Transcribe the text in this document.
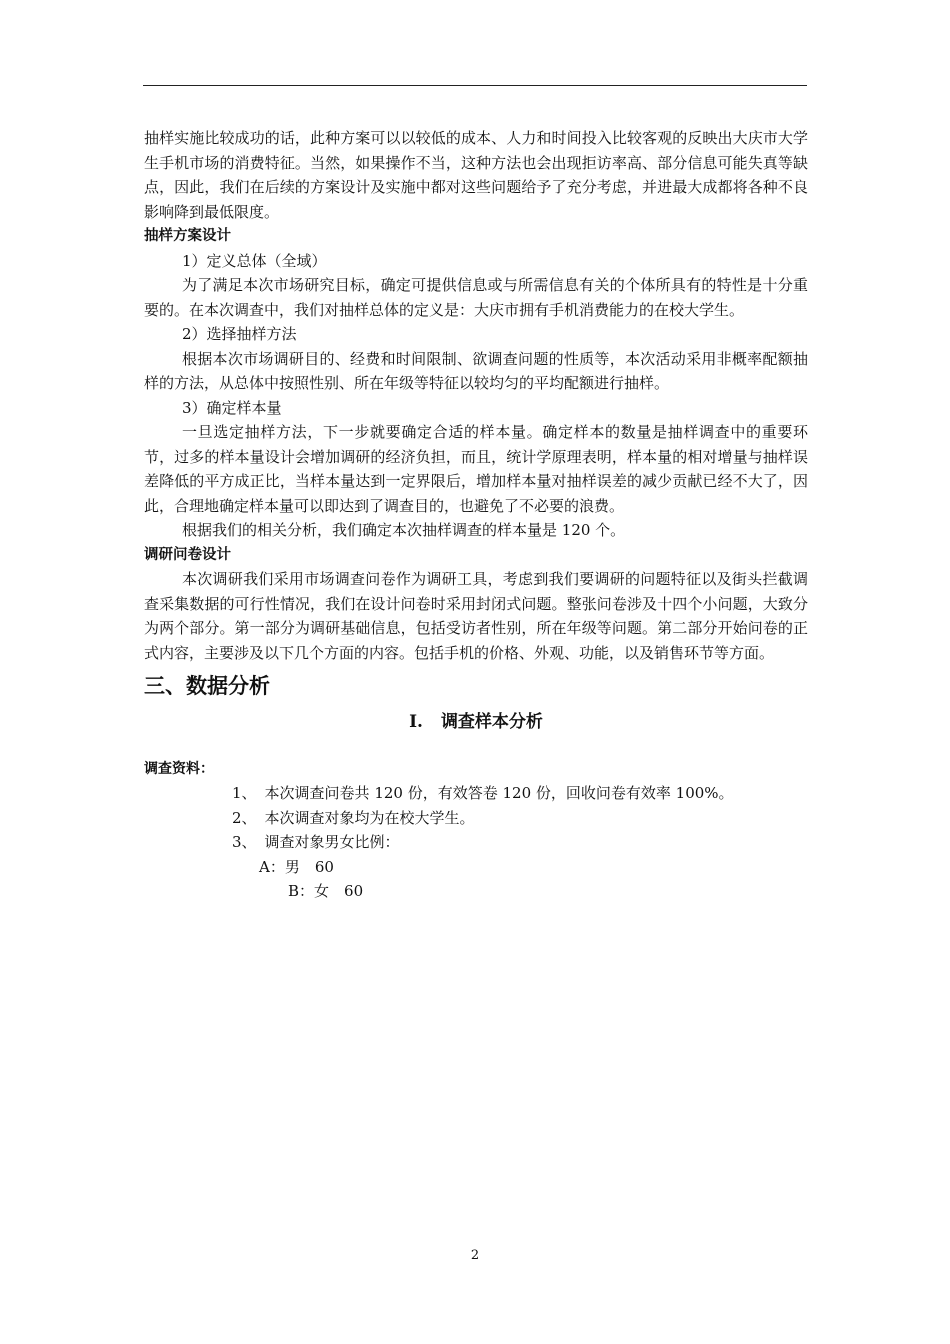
抽样实施比较成功的话，此种方案可以以较低的成本、人力和时间投入比较客观的反映出大庆市大学生手机市场的消费特征。当然，如果操作不当，这种方法也会出现拒访率高、部分信息可能失真等缺点，因此，我们在后续的方案设计及实施中都对这些问题给予了充分考虑，并进最大成都将各种不良影响降到最低限度。

抽样方案设计

1）定义总体（全域）

为了满足本次市场研究目标，确定可提供信息或与所需信息有关的个体所具有的特性是十分重要的。在本次调查中，我们对抽样总体的定义是：大庆市拥有手机消费能力的在校大学生。

2）选择抽样方法

根据本次市场调研目的、经费和时间限制、欲调查问题的性质等，本次活动采用非概率配额抽样的方法，从总体中按照性别、所在年级等特征以较均匀的平均配额进行抽样。

3）确定样本量

一旦选定抽样方法，下一步就要确定合适的样本量。确定样本的数量是抽样调查中的重要环节，过多的样本量设计会增加调研的经济负担，而且，统计学原理表明，样本量的相对增量与抽样误差降低的平方成正比，当样本量达到一定界限后，增加样本量对抽样误差的减少贡献已经不大了，因此，合理地确定样本量可以即达到了调查目的，也避免了不必要的浪费。

根据我们的相关分析，我们确定本次抽样调查的样本量是 120 个。

调研问卷设计

本次调研我们采用市场调查问卷作为调研工具，考虑到我们要调研的问题特征以及街头拦截调查采集数据的可行性情况，我们在设计问卷时采用封闭式问题。整张问卷涉及十四个小问题，大致分为两个部分。第一部分为调研基础信息，包括受访者性别，所在年级等问题。第二部分开始问卷的正式内容，主要涉及以下几个方面的内容。包括手机的价格、外观、功能，以及销售环节等方面。

三、数据分析
I. 调查样本分析
调查资料：
1、 本次调查问卷共 120 份，有效答卷 120 份，回收问卷有效率 100%。
2、 本次调查对象均为在校大学生。
3、 调查对象男女比例：
A：男　60
B：女　60
2
